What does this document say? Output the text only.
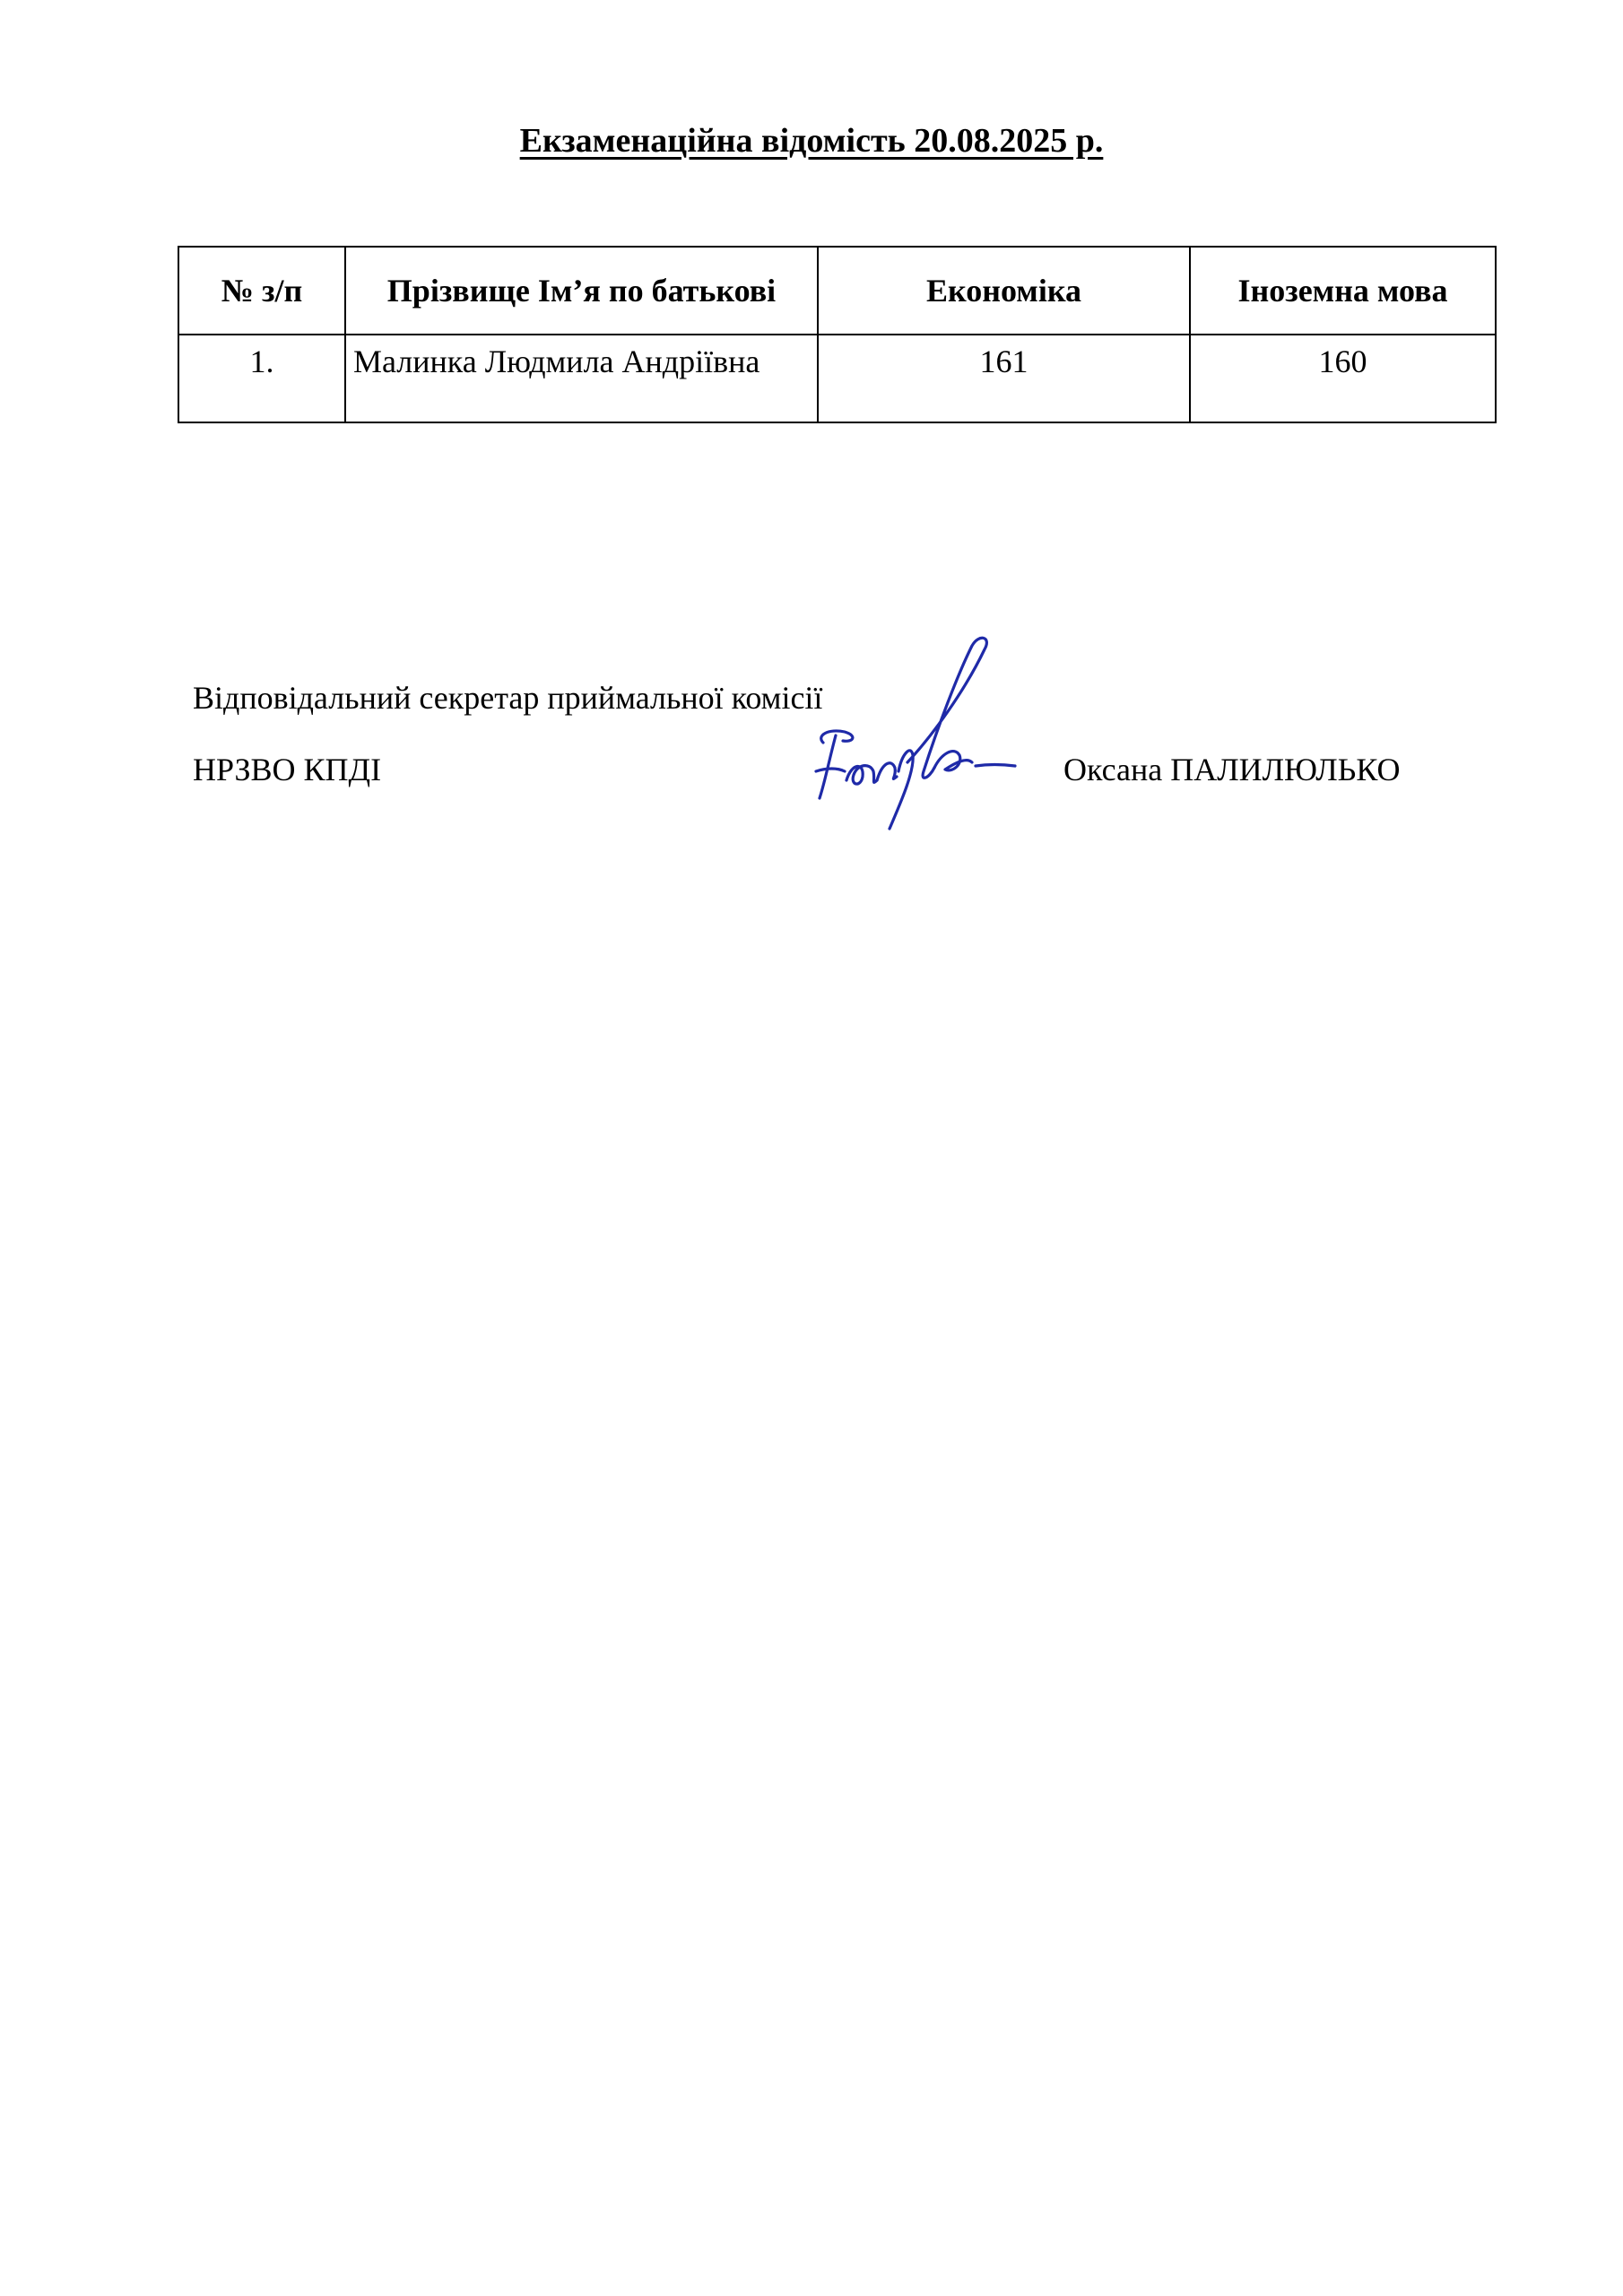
Екзаменаційна відомість 20.08.2025 р.
№ з/п	Прізвище Ім’я по батькові	Економіка	Іноземна мова
1.	Малинка Людмила Андріївна	161	160
Відповідальний секретар приймальної комісії
НРЗВО КПДІ	Оксана ПАЛИЛЮЛЬКО
